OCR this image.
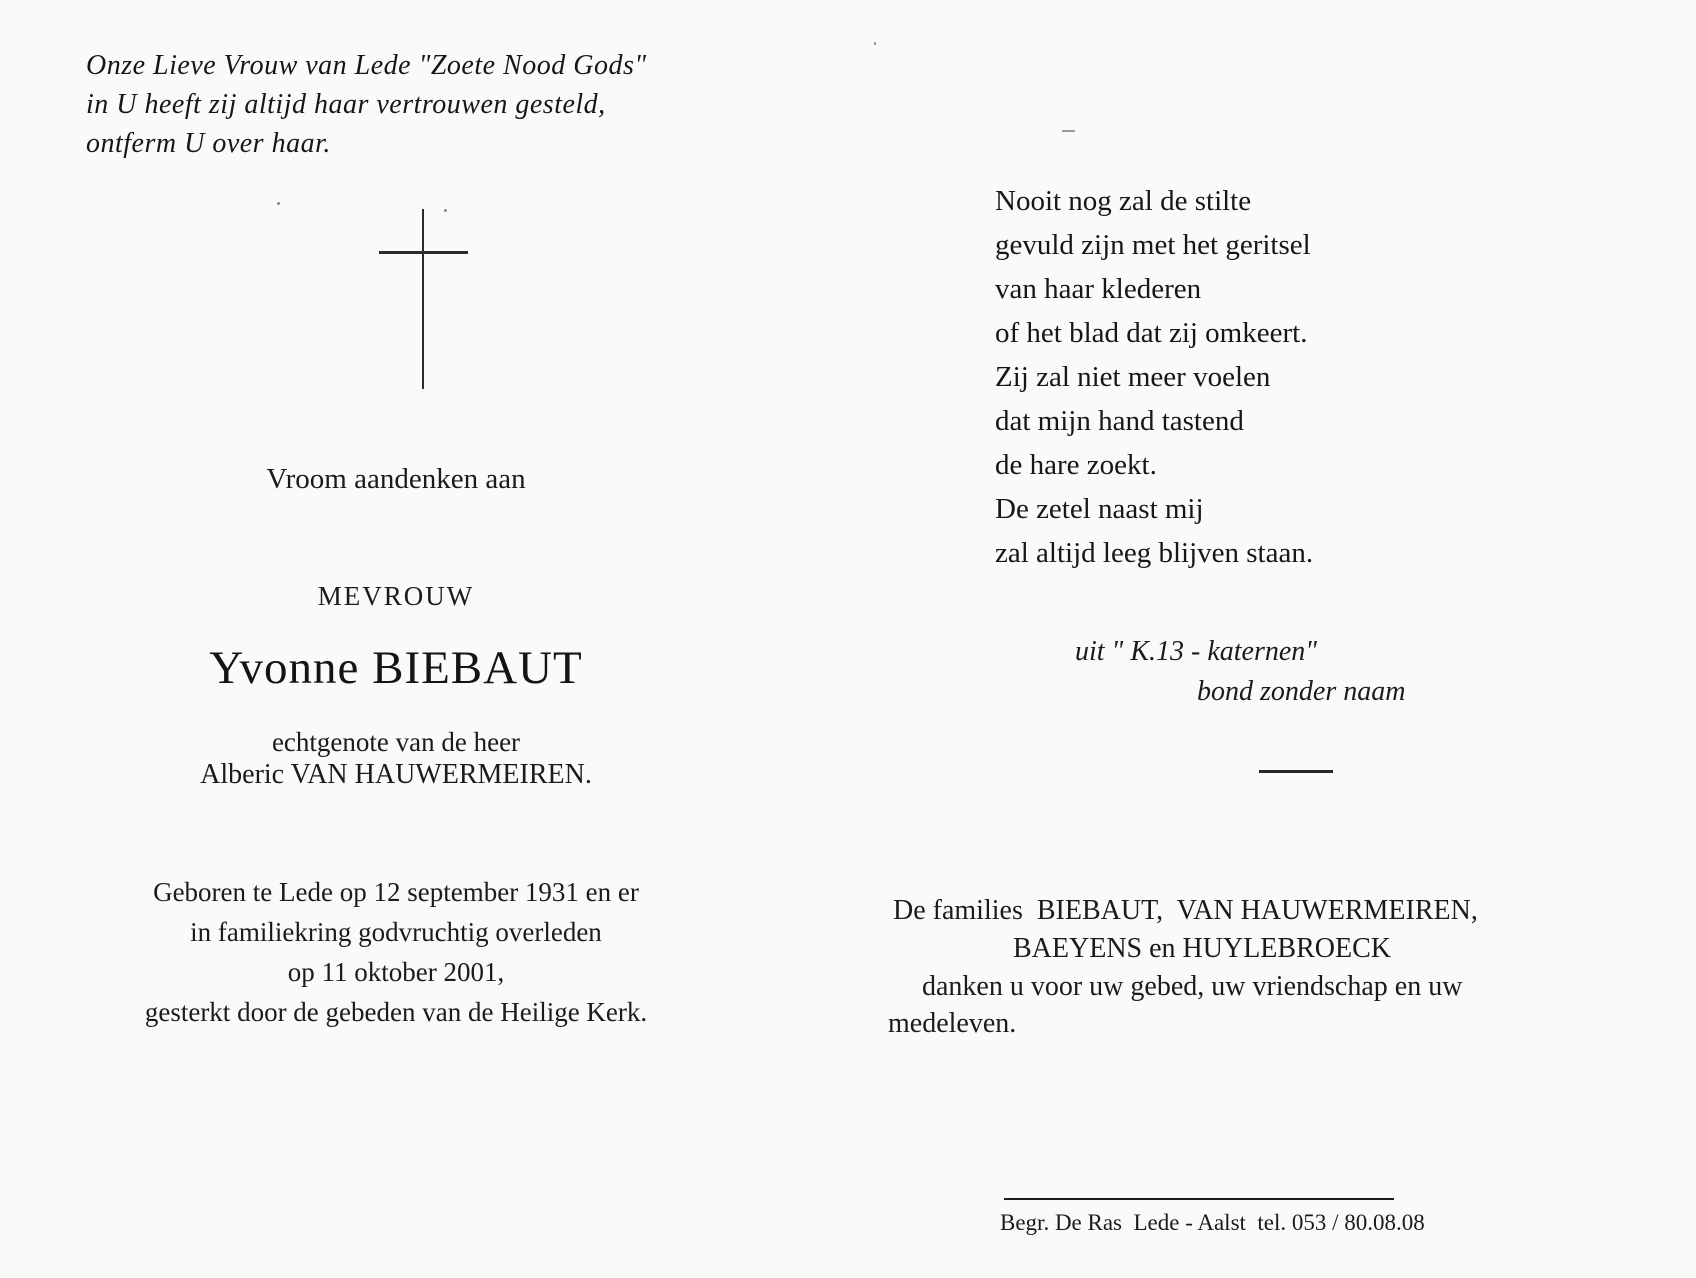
Onze Lieve Vrouw van Lede "Zoete Nood Gods"
in U heeft zij altijd haar vertrouwen gesteld,
ontferm U over haar.
Vroom aandenken aan
MEVROUW
Yvonne BIEBAUT
echtgenote van de heer
Alberic VAN HAUWERMEIREN.
Geboren te Lede op 12 september 1931 en er
in familiekring godvruchtig overleden
op 11 oktober 2001,
gesterkt door de gebeden van de Heilige Kerk.
Nooit nog zal de stilte
gevuld zijn met het geritsel
van haar klederen
of het blad dat zij omkeert.
Zij zal niet meer voelen
dat mijn hand tastend
de hare zoekt.
De zetel naast mij
zal altijd leeg blijven staan.
uit " K.13 - katernen"
bond zonder naam
De families  BIEBAUT,  VAN HAUWERMEIREN,
BAEYENS en HUYLEBROECK
danken u voor uw gebed, uw vriendschap en uw
medeleven.
Begr. De Ras  Lede - Aalst  tel. 053 / 80.08.08
